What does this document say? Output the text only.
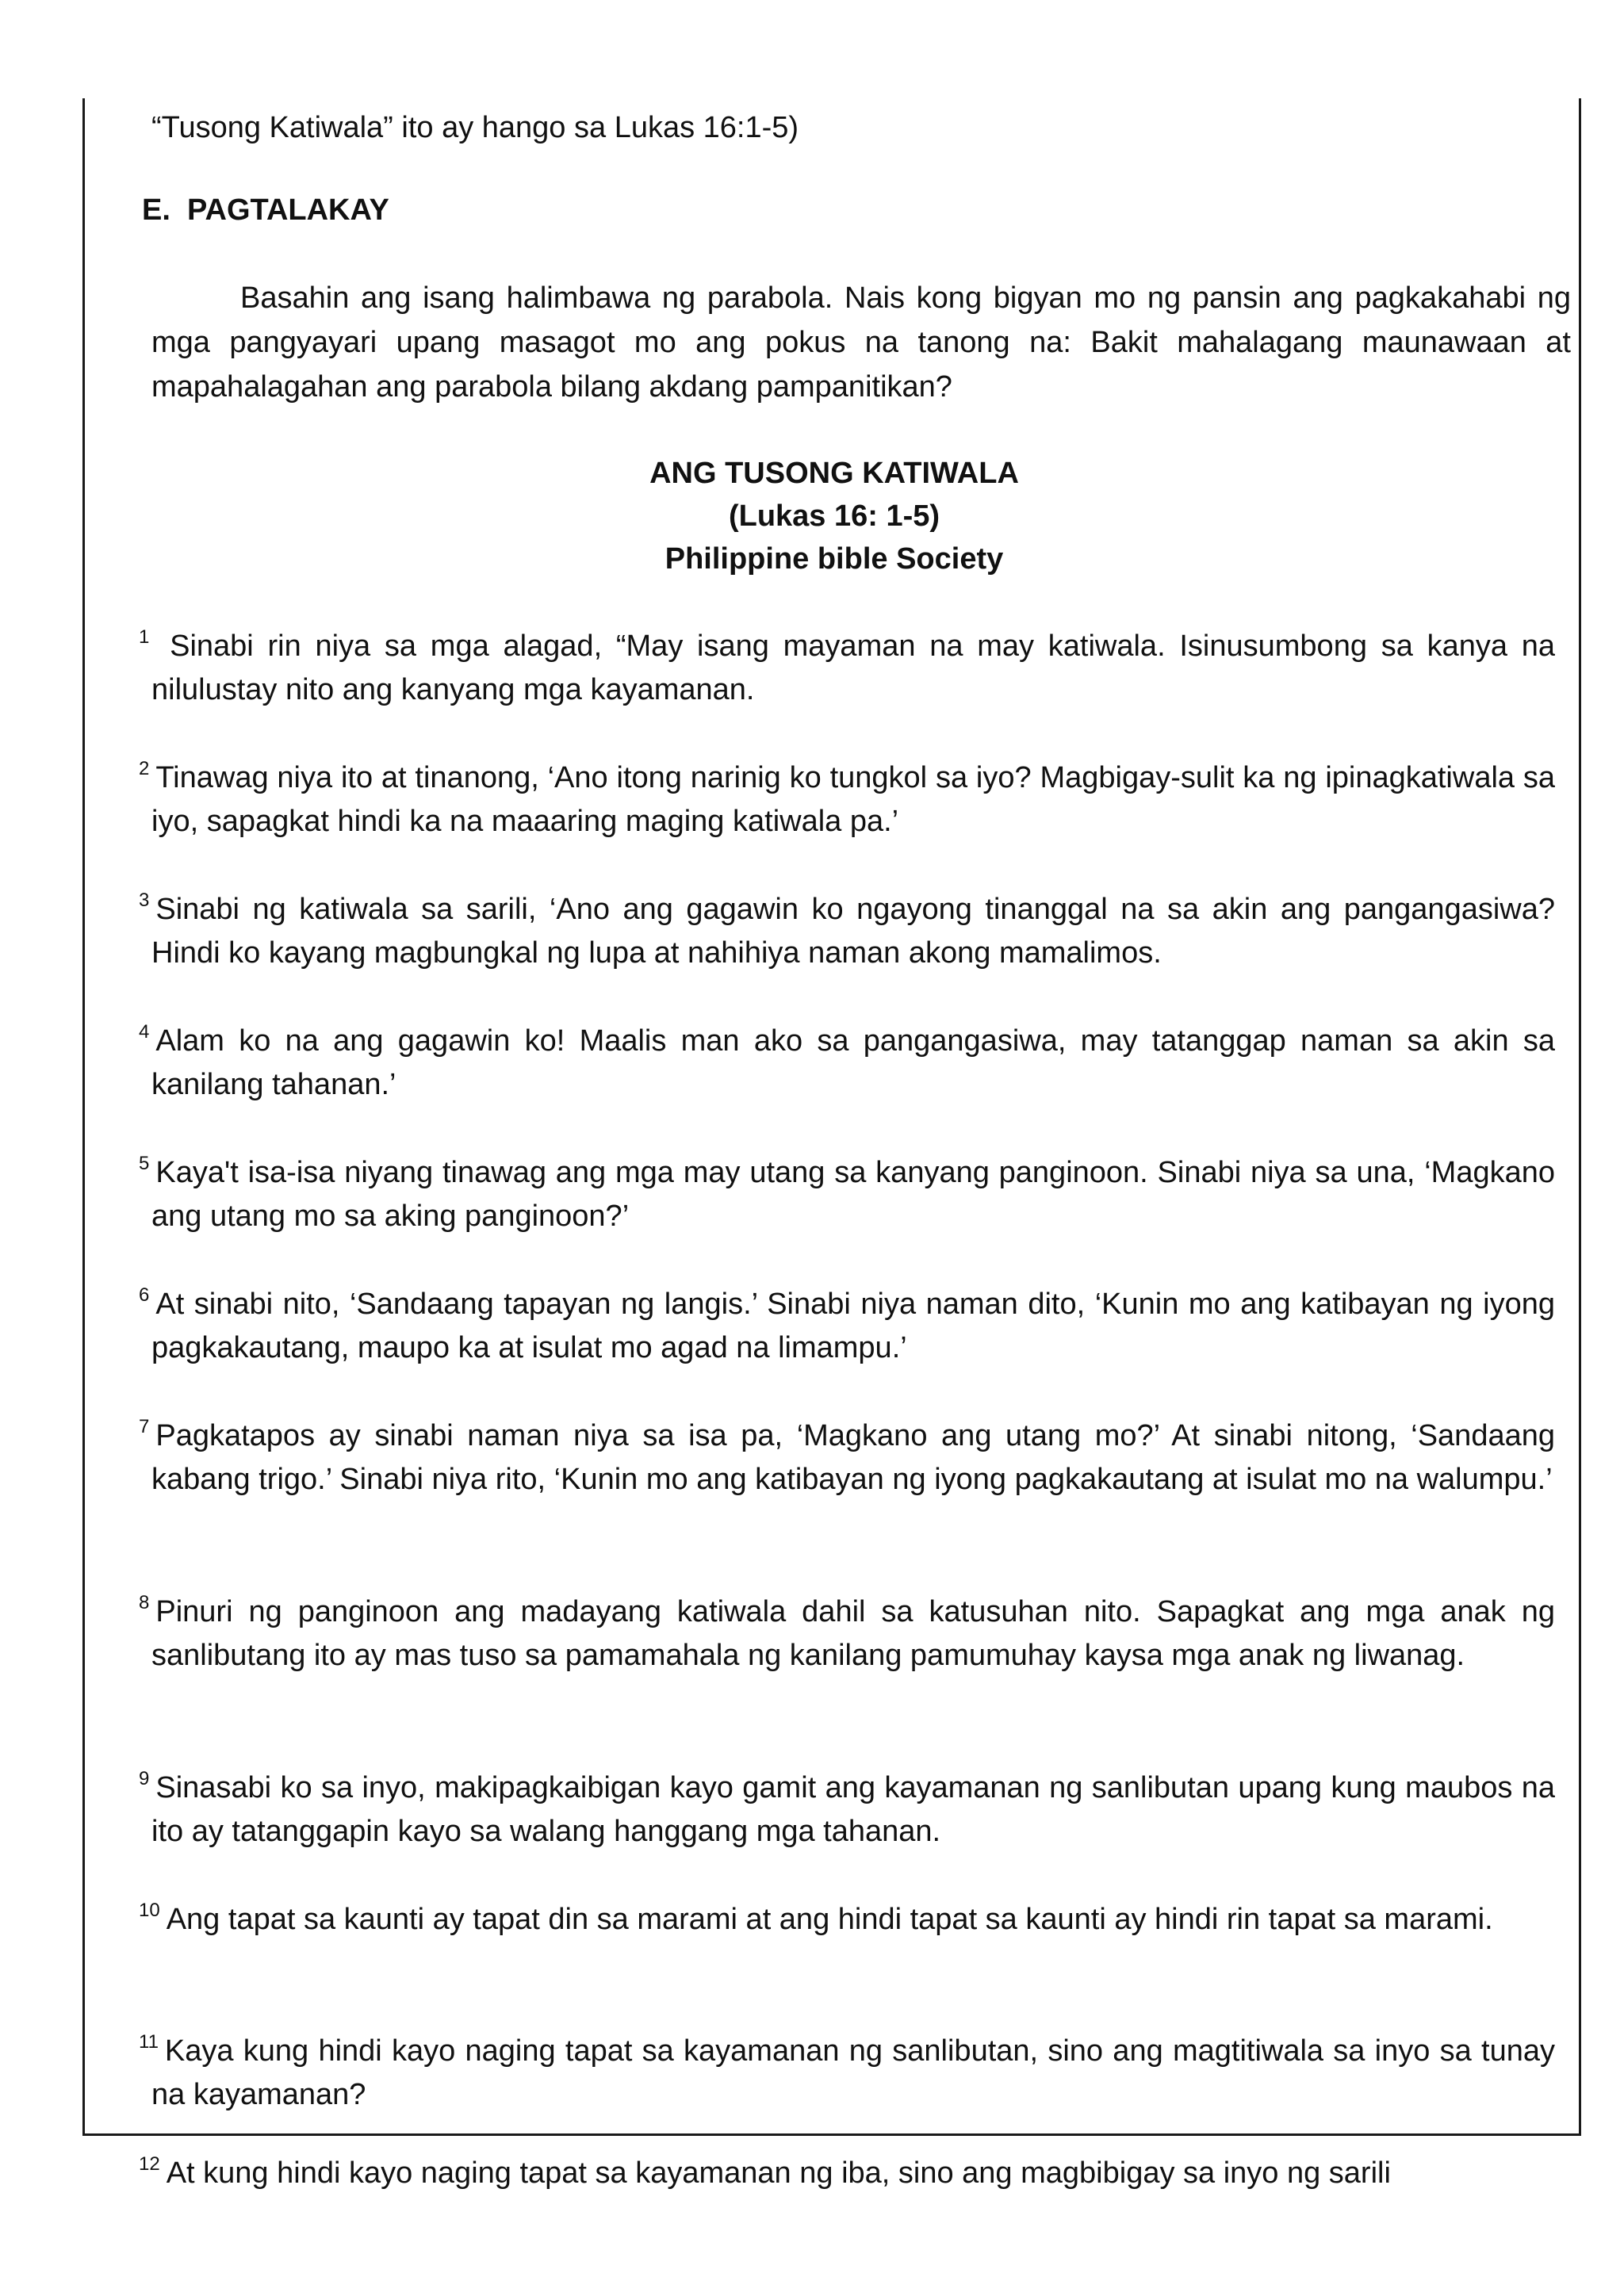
“Tusong Katiwala” ito ay hango sa Lukas 16:1-5)
E. PAGTALAKAY
Basahin ang isang halimbawa ng parabola. Nais kong bigyan mo ng pansin ang pagkakahabi ng mga pangyayari upang masagot mo ang pokus na tanong na: Bakit mahalagang maunawaan at mapahalagahan ang parabola bilang akdang pampanitikan?
ANG TUSONG KATIWALA
(Lukas 16: 1-5)
Philippine bible Society
$^1$ Sinabi rin niya sa mga alagad, “May isang mayaman na may katiwala. Isinusumbong sa kanya na nilulustay nito ang kanyang mga kayamanan.
$^2$ Tinawag niya ito at tinanong, ‘Ano itong narinig ko tungkol sa iyo? Magbigay-sulit ka ng ipinagkatiwala sa iyo, sapagkat hindi ka na maaaring maging katiwala pa.’
$^3$ Sinabi ng katiwala sa sarili, ‘Ano ang gagawin ko ngayong tinanggal na sa akin ang pangangasiwa? Hindi ko kayang magbungkal ng lupa at nahihiya naman akong mamalimos.
$^4$ Alam ko na ang gagawin ko! Maalis man ako sa pangangasiwa, may tatanggap naman sa akin sa kanilang tahanan.’
$^5$ Kaya't isa-isa niyang tinawag ang mga may utang sa kanyang panginoon. Sinabi niya sa una, ‘Magkano ang utang mo sa aking panginoon?’
$^6$ At sinabi nito, ‘Sandaang tapayan ng langis.’ Sinabi niya naman dito, ‘Kunin mo ang katibayan ng iyong pagkakautang, maupo ka at isulat mo agad na limampu.’
$^7$ Pagkatapos ay sinabi naman niya sa isa pa, ‘Magkano ang utang mo?’ At sinabi nitong, ‘Sandaang kabang trigo.’ Sinabi niya rito, ‘Kunin mo ang katibayan ng iyong pagkakautang at isulat mo na walumpu.’
$^8$ Pinuri ng panginoon ang madayang katiwala dahil sa katusuhan nito. Sapagkat ang mga anak ng sanlibutang ito ay mas tuso sa pamamahala ng kanilang pamumuhay kaysa mga anak ng liwanag.
$^9$ Sinasabi ko sa inyo, makipagkaibigan kayo gamit ang kayamanan ng sanlibutan upang kung maubos na ito ay tatanggapin kayo sa walang hanggang mga tahanan.
$^{10}$ Ang tapat sa kaunti ay tapat din sa marami at ang hindi tapat sa kaunti ay hindi rin tapat sa marami.
$^{11}$ Kaya kung hindi kayo naging tapat sa kayamanan ng sanlibutan, sino ang magtitiwala sa inyo sa tunay na kayamanan?
$^{12}$ At kung hindi kayo naging tapat sa kayamanan ng iba, sino ang magbibigay sa inyo ng sarili
